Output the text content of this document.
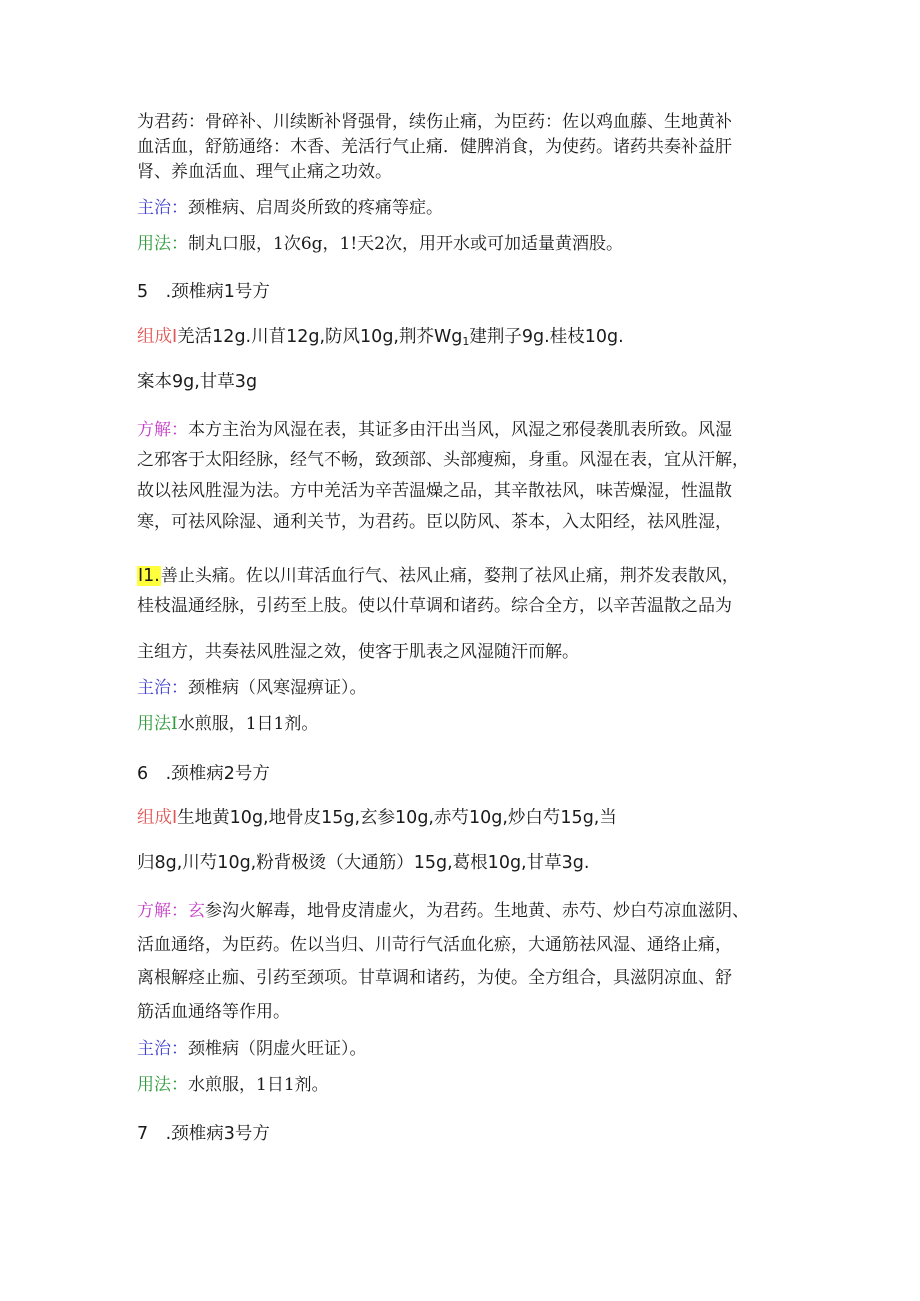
为君药：骨碎补、川续断补肾强骨，续伤止痛，为臣药：佐以鸡血藤、生地黄补
血活血，舒筋通络：木香、羌活行气止痛．健脾消食，为使药。诸药共奏补益肝
肾、养血活血、理气止痛之功效。
主治：颈椎病、启周炎所致的疼痛等症。
用法：制丸口服，1次6g，1!天2次，用开水或可加适量黄酒股。
5　.颈椎病1号方
组成I羌活12g.川苜12g,防风10g,荆芥$Wg_1$建荆子9g.桂枝10g.
案本9g,甘草3g
方解：本方主治为风湿在表，其证多由汗出当风，风湿之邪侵袭肌表所致。风湿
之邪客于太阳经脉，经气不畅，致颈部、头部瘦痴，身重。风湿在表，宜从汗解，
故以祛风胜湿为法。方中羌活为辛苦温燥之品，其辛散祛风，味苦燥湿，性温散
寒，可祛风除湿、通利关节，为君药。臣以防风、茶本，入太阳经，祛风胜湿，
I1.善止头痛。佐以川茸活血行气、祛风止痛，婺荆了祛风止痛，荆芥发表散风，
桂枝温通经脉，引药至上肢。使以什草调和诸药。综合全方，以辛苦温散之品为
主组方，共奏祛风胜湿之效，使客于肌表之风湿随汗而解。
主治：颈椎病（风寒湿痹证）。
用法I水煎服，1日1剂。
6　.颈椎病2号方
组成I生地黄10g,地骨皮15g,玄参10g,赤芍10g,炒白芍15g,当
归8g,川芍10g,粉背极烫（大通筋）15g,葛根10g,甘草3g.
方解：玄参沟火解毒，地骨皮清虚火，为君药。生地黄、赤芍、炒白芍凉血滋阴、
活血通络，为臣药。佐以当归、川苛行气活血化瘀，大通筋祛风湿、通络止痛，
离根解痉止痂、引药至颈项。甘草调和诸药，为使。全方组合，具滋阴凉血、舒
筋活血通络等作用。
主治：颈椎病（阴虚火旺证）。
用法：水煎服，1日1剂。
7　.颈椎病3号方
